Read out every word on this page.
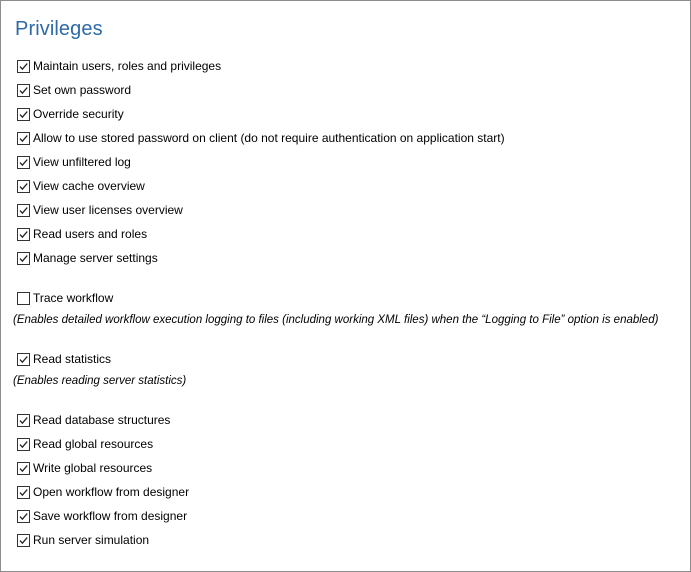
Privileges
Maintain users, roles and privileges
Set own password
Override security
Allow to use stored password on client (do not require authentication on application start)
View unfiltered log
View cache overview
View user licenses overview
Read users and roles
Manage server settings
Trace workflow
(Enables detailed workflow execution logging to files (including working XML files) when the “Logging to File” option is enabled)
Read statistics
(Enables reading server statistics)
Read database structures
Read global resources
Write global resources
Open workflow from designer
Save workflow from designer
Run server simulation
